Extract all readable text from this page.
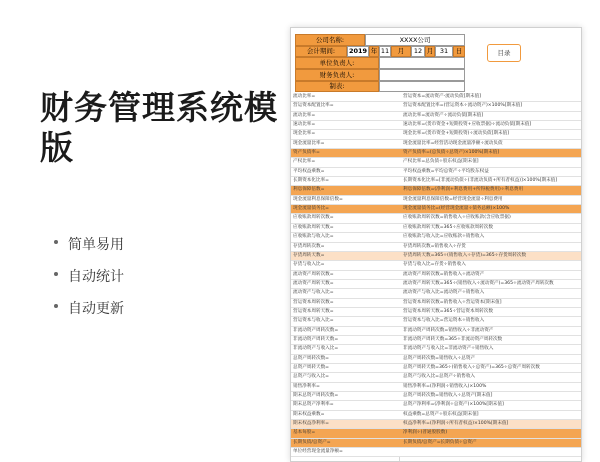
财务管理系统模
版
简单易用
自动统计
自动更新
公司名称:	XXXX公司
会计期间:	2019 年 11	月	12 月	31	日
单位负责人:
财务负责人:
制表:
目录
流动比率=	营运资本=流动资产-流动负债[期末值]
营运资本配置比率=	营运资本配置比率=(营运资本÷流动资产)×100%[期末值]
流动比率=	流动比率=流动资产÷流动负债[期末值]
速动比率=	速动比率=(货币资金+短期投资+应收票据)÷流动负债[期末值]
现金比率=	现金比率=(货币资金+短期投资)÷流动负债[期末值]
现金流量比率=	现金流量比率=经营活动现金流量净额÷流动负债
资产负债率=	资产负债率=(总负债÷总资产)×100%[期末值]
产权比率=	产权比率=总负债÷股东权益[期末值]
平均权益乘数=	平均权益乘数=平均总资产÷平均股东权益
长期资本化比率=	长期资本化比率=[非流动负债÷(非流动负债+所有者权益)]×100%[期末值]
利息保障倍数=	利息保障倍数=(净利润+利息费用+所得税费用)÷利息费用
现金流量利息保障倍数=	现金流量利息保障倍数=经营现金流量÷利息费用
现金流量债务比=	现金流量债务比=(经营现金流量÷债务总额)×100%
应收账款周转次数=	应收账款周转次数=销售收入÷应收账款(含应收票据)
应收账款周转天数=	应收账款周转天数=365÷应收账款周转次数
应收账款与收入比=	应收账款与收入比=应收账款÷销售收入
存货周转次数=	存货周转次数=销售收入÷存货
存货周转天数=	存货周转天数=365÷(销售收入÷存货)=365÷存货周转次数
存货与收入比=	存货与收入比=存货÷销售收入
流动资产周转次数=	流动资产周转次数=销售收入÷流动资产
流动资产周转天数=	流动资产周转天数=365÷(销售收入÷流动资产)=365÷流动资产周转次数
流动资产与收入比=	流动资产与收入比=流动资产÷销售收入
营运资本周转次数=	营运资本周转次数=销售收入÷营运资本[期末值]
营运资本周转天数=	营运资本周转天数=365÷营运资本周转次数
营运资本与收入比=	营运资本与收入比=营运资本÷销售收入
非流动资产周转次数=	非流动资产周转次数=销售收入÷非流动资产
非流动资产周转天数=	非流动资产周转天数=365÷非流动资产周转次数
非流动资产与收入比=	非流动资产与收入比=非流动资产÷销售收入
总资产周转次数=	总资产周转次数=销售收入÷总资产
总资产周转天数=	总资产周转天数=365÷(销售收入÷总资产)=365÷总资产周转次数
总资产与收入比=	总资产与收入比=总资产÷销售收入
销售净利率=	销售净利率=(净利润÷销售收入)×100%
期末总资产周转次数=	总资产周转次数=销售收入÷总资产[期末值]
期末总资产净利率=	总资产净利率=(净利润÷总资产)×100%[期末值]
期末权益乘数=	权益乘数=总资产÷股东权益[期末值]
期末权益净利率=	权益净利率=(净利润÷所有者权益)×100%[期末值]
基本每股=	净利润÷(普通股股数)
长期负债/总资产=	长期负债/总资产=长期负债÷总资产
单位经营现金流量净额=
